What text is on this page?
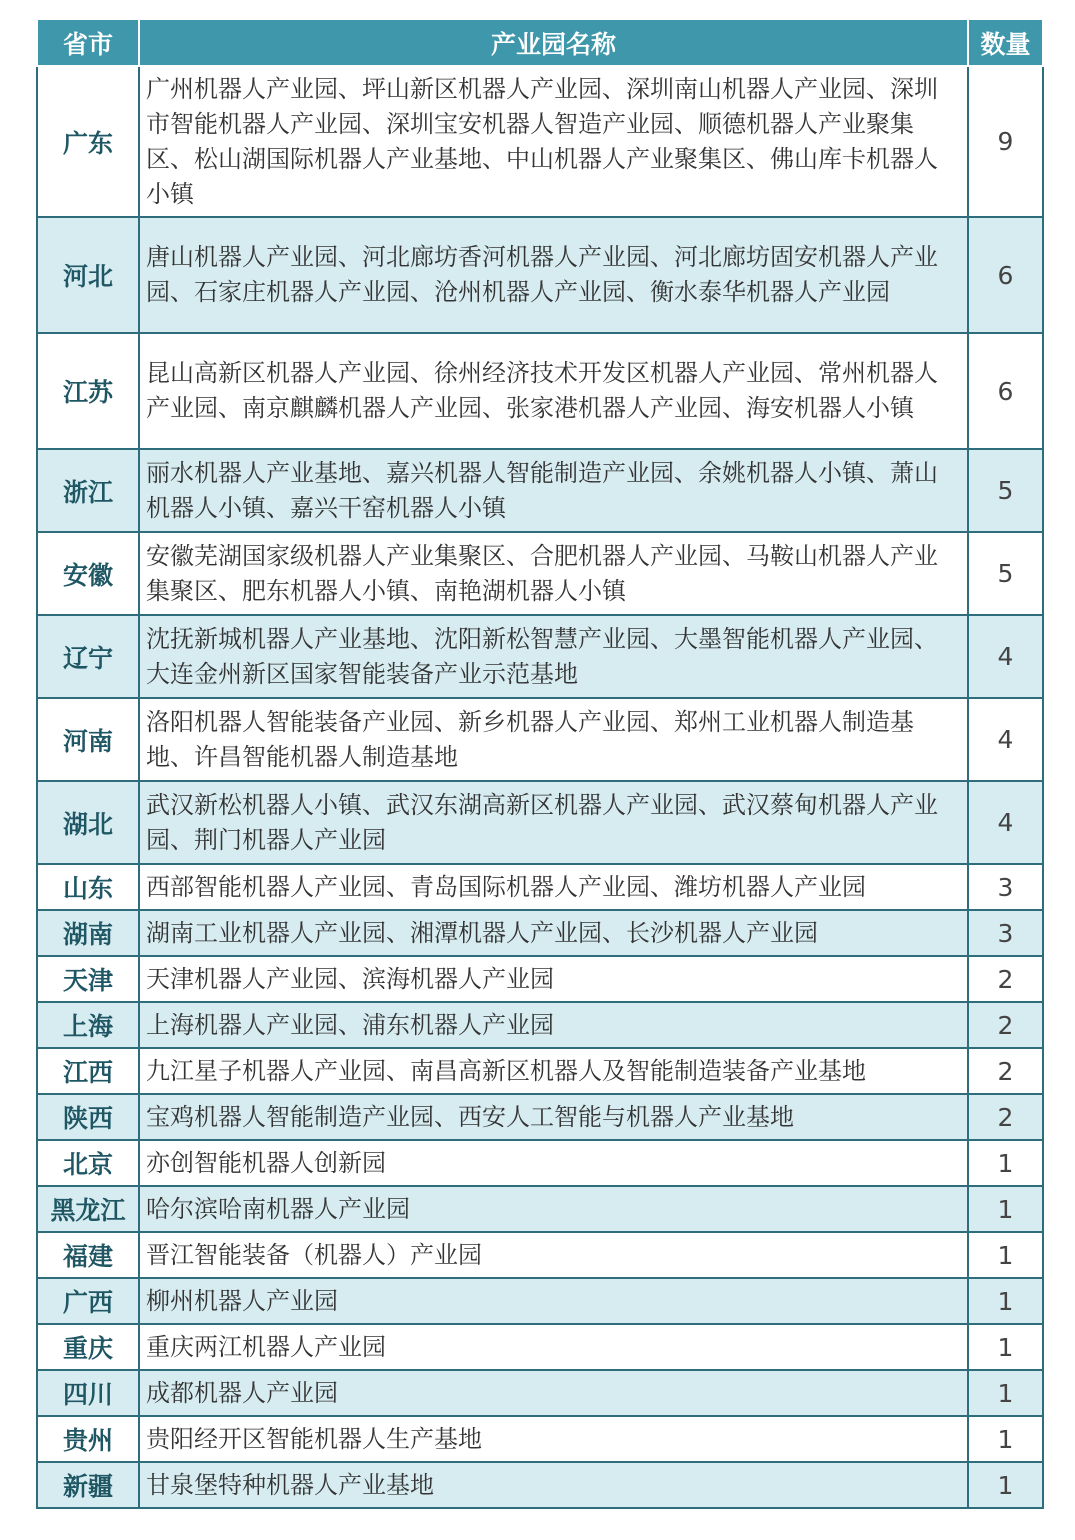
省市	产业园名称	数量
广东	广州机器人产业园、坪山新区机器人产业园、深圳南山机器人产业园、深圳市智能机器人产业园、深圳宝安机器人智造产业园、顺德机器人产业聚集区、松山湖国际机器人产业基地、中山机器人产业聚集区、佛山库卡机器人小镇	9
河北	唐山机器人产业园、河北廊坊香河机器人产业园、河北廊坊固安机器人产业园、石家庄机器人产业园、沧州机器人产业园、衡水泰华机器人产业园	6
江苏	昆山高新区机器人产业园、徐州经济技术开发区机器人产业园、常州机器人产业园、南京麒麟机器人产业园、张家港机器人产业园、海安机器人小镇	6
浙江	丽水机器人产业基地、嘉兴机器人智能制造产业园、余姚机器人小镇、萧山机器人小镇、嘉兴干窑机器人小镇	5
安徽	安徽芜湖国家级机器人产业集聚区、合肥机器人产业园、马鞍山机器人产业集聚区、肥东机器人小镇、南艳湖机器人小镇	5
辽宁	沈抚新城机器人产业基地、沈阳新松智慧产业园、大墨智能机器人产业园、大连金州新区国家智能装备产业示范基地	4
河南	洛阳机器人智能装备产业园、新乡机器人产业园、郑州工业机器人制造基地、许昌智能机器人制造基地	4
湖北	武汉新松机器人小镇、武汉东湖高新区机器人产业园、武汉蔡甸机器人产业园、荆门机器人产业园	4
山东	西部智能机器人产业园、青岛国际机器人产业园、潍坊机器人产业园	3
湖南	湖南工业机器人产业园、湘潭机器人产业园、长沙机器人产业园	3
天津	天津机器人产业园、滨海机器人产业园	2
上海	上海机器人产业园、浦东机器人产业园	2
江西	九江星子机器人产业园、南昌高新区机器人及智能制造装备产业基地	2
陕西	宝鸡机器人智能制造产业园、西安人工智能与机器人产业基地	2
北京	亦创智能机器人创新园	1
黑龙江	哈尔滨哈南机器人产业园	1
福建	晋江智能装备（机器人）产业园	1
广西	柳州机器人产业园	1
重庆	重庆两江机器人产业园	1
四川	成都机器人产业园	1
贵州	贵阳经开区智能机器人生产基地	1
新疆	甘泉堡特种机器人产业基地	1
